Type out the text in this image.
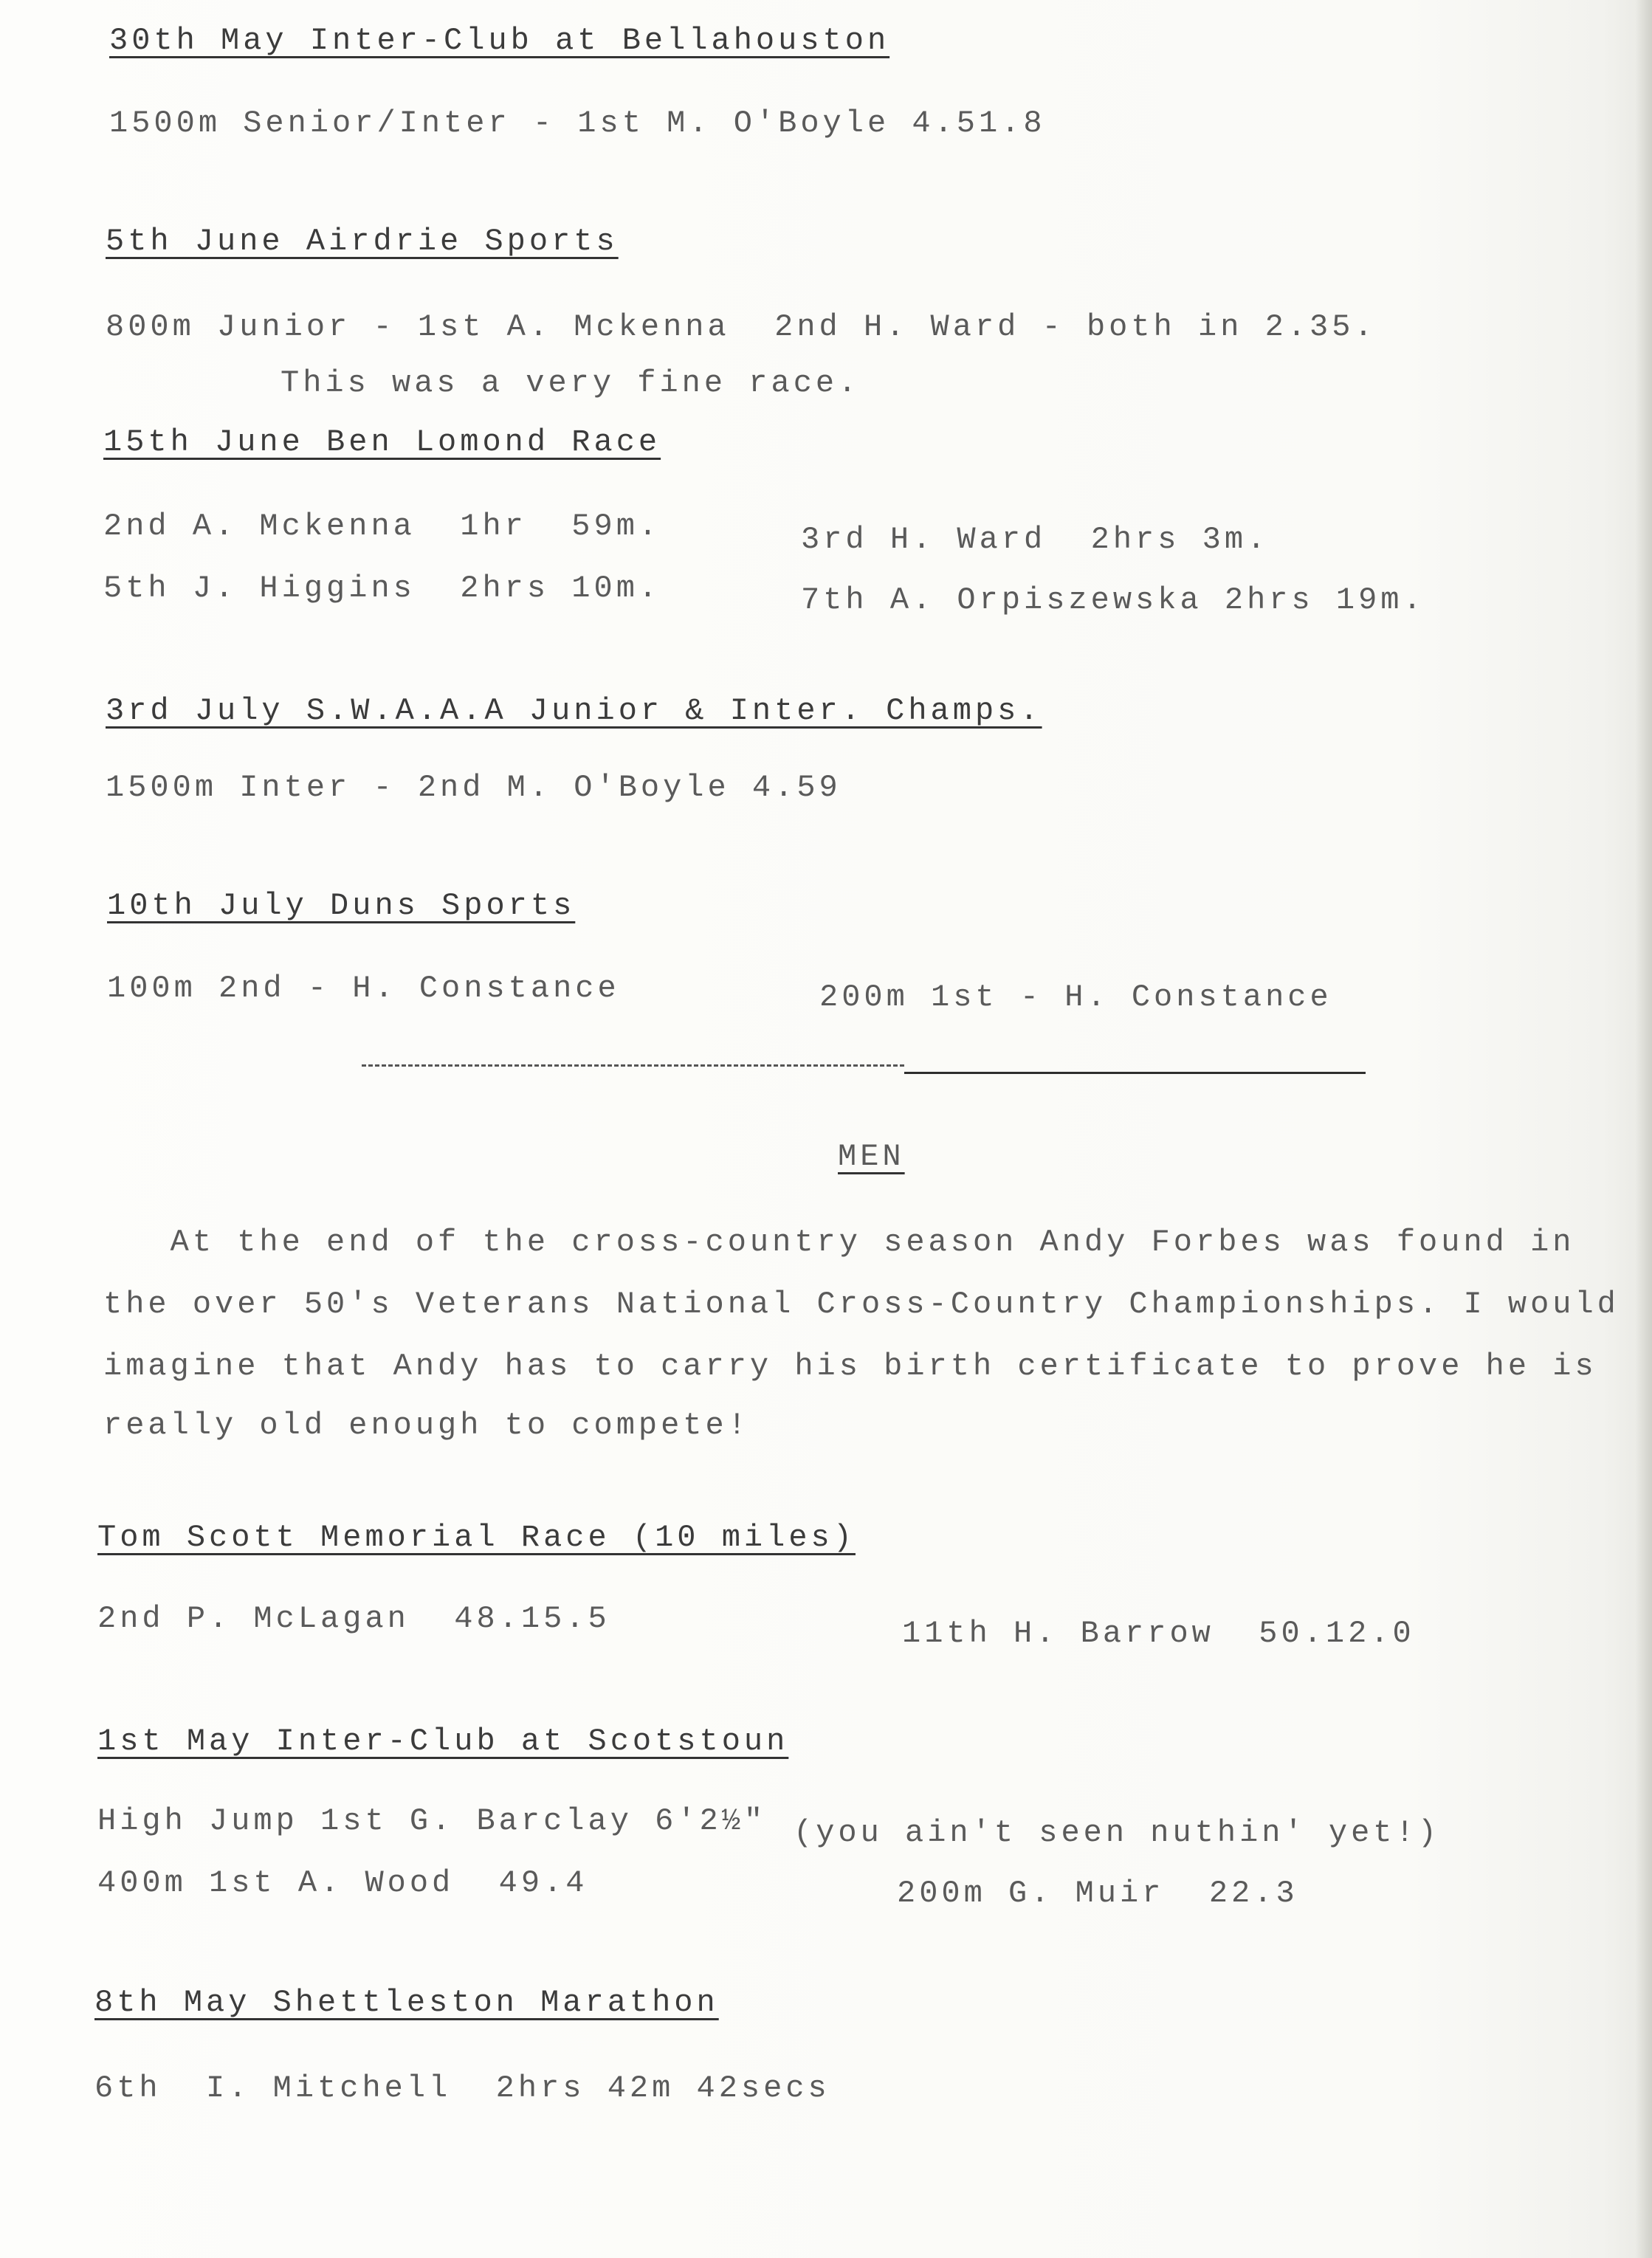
30th May Inter-Club at Bellahouston
1500m Senior/Inter - 1st M. O'Boyle 4.51.8
5th June Airdrie Sports
800m Junior - 1st A. Mckenna  2nd H. Ward - both in 2.35.
This was a very fine race.
15th June Ben Lomond Race
2nd A. Mckenna  1hr  59m.	3rd H. Ward  2hrs 3m.
5th J. Higgins  2hrs 10m.	7th A. Orpiszewska 2hrs 19m.
3rd July S.W.A.A.A Junior & Inter. Champs.
1500m Inter - 2nd M. O'Boyle 4.59
10th July Duns Sports
100m 2nd - H. Constance	200m 1st - H. Constance
MEN
At the end of the cross-country season Andy Forbes was found in
the over 50's Veterans National Cross-Country Championships. I would
imagine that Andy has to carry his birth certificate to prove he is
really old enough to compete!
Tom Scott Memorial Race (10 miles)
2nd P. McLagan  48.15.5	11th H. Barrow  50.12.0
1st May Inter-Club at Scotstoun
High Jump 1st G. Barclay 6'2½" (you ain't seen nuthin' yet!)
400m 1st A. Wood  49.4	200m G. Muir  22.3
8th May Shettleston Marathon
6th  I. Mitchell  2hrs 42m 42secs
